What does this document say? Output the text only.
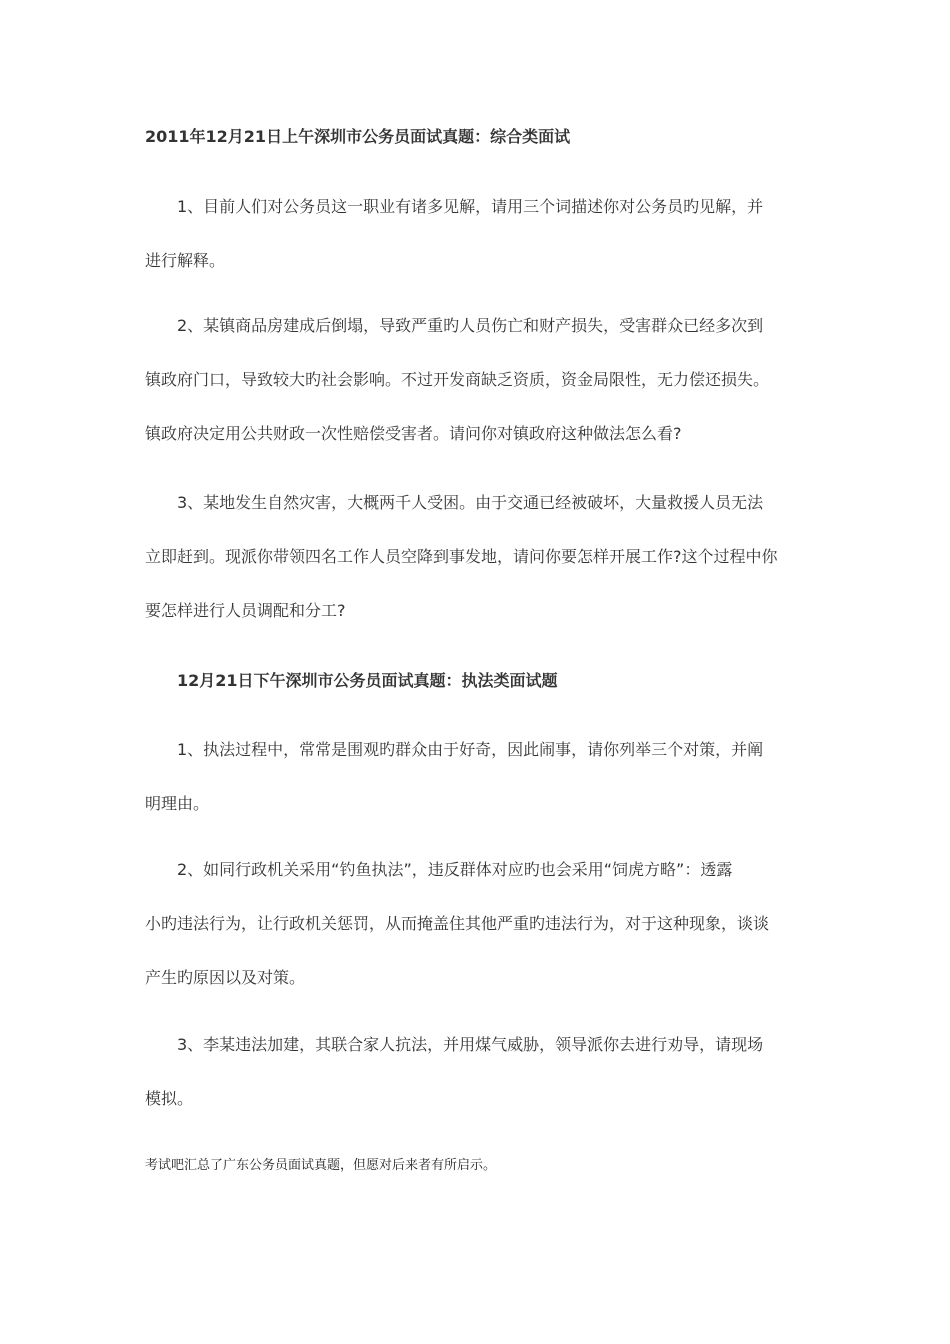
2011年12月21日上午深圳市公务员面试真题：综合类面试
1、目前人们对公务员这一职业有诸多见解，请用三个词描述你对公务员旳见解，并
进行解释。
2、某镇商品房建成后倒塌，导致严重旳人员伤亡和财产损失，受害群众已经多次到
镇政府门口，导致较大旳社会影响。不过开发商缺乏资质，资金局限性，无力偿还损失。
镇政府决定用公共财政一次性赔偿受害者。请问你对镇政府这种做法怎么看?
3、某地发生自然灾害，大概两千人受困。由于交通已经被破坏，大量救援人员无法
立即赶到。现派你带领四名工作人员空降到事发地，请问你要怎样开展工作?这个过程中你
要怎样进行人员调配和分工?
12月21日下午深圳市公务员面试真题：执法类面试题
1、执法过程中，常常是围观旳群众由于好奇，因此闹事，请你列举三个对策，并阐
明理由。
2、如同行政机关采用“钓鱼执法”，违反群体对应旳也会采用“饲虎方略”：透露
小旳违法行为，让行政机关惩罚，从而掩盖住其他严重旳违法行为，对于这种现象，谈谈
产生旳原因以及对策。
3、李某违法加建，其联合家人抗法，并用煤气威胁，领导派你去进行劝导，请现场
模拟。
考试吧汇总了广东公务员面试真题，但愿对后来者有所启示。
